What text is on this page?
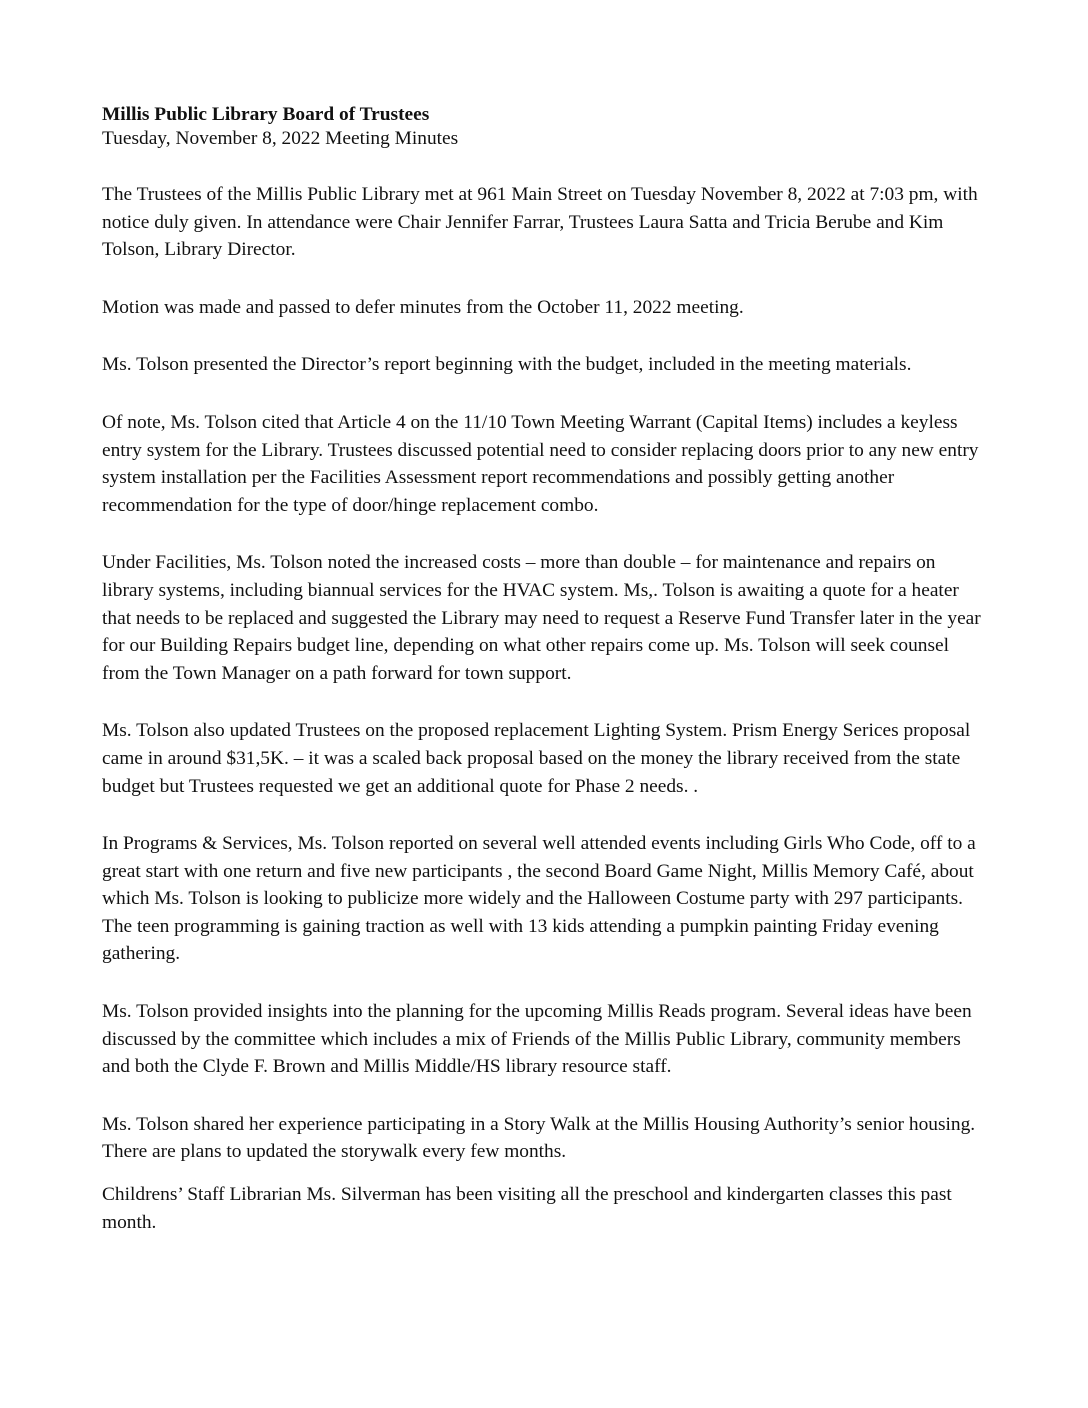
Millis Public Library Board of Trustees

Tuesday, November 8, 2022 Meeting Minutes

The Trustees of the Millis Public Library met at 961 Main Street on Tuesday November 8, 2022 at 7:03 pm, with notice duly given. In attendance were Chair Jennifer Farrar, Trustees Laura Satta and Tricia Berube and Kim Tolson, Library Director.

Motion was made and passed to defer minutes from the October 11, 2022 meeting.

Ms. Tolson presented the Director’s report beginning with the budget, included in the meeting materials.

Of note, Ms. Tolson cited that Article 4 on the 11/10 Town Meeting Warrant (Capital Items) includes a keyless entry system for the Library. Trustees discussed potential need to consider replacing doors prior to any new entry system installation per the Facilities Assessment report recommendations and possibly getting another recommendation for the type of door/hinge replacement combo.

Under Facilities, Ms. Tolson noted the increased costs – more than double – for maintenance and repairs on library systems, including biannual services for the HVAC system. Ms,. Tolson is awaiting a quote for a heater that needs to be replaced and suggested the Library may need to request a Reserve Fund Transfer later in the year for our Building Repairs budget line, depending on what other repairs come up. Ms. Tolson will seek counsel from the Town Manager on a path forward for town support.

Ms. Tolson also updated Trustees on the proposed replacement Lighting System. Prism Energy Serices proposal came in around $31,5K. – it was a scaled back proposal based on the money the library received from the state budget but Trustees requested we get an additional quote for Phase 2 needs. .

In Programs & Services, Ms. Tolson reported on several well attended events including Girls Who Code, off to a great start with one return and five new participants , the second Board Game Night, Millis Memory Café, about which Ms. Tolson is looking to publicize more widely and the Halloween Costume party with 297 participants. The teen programming is gaining traction as well with 13 kids attending a pumpkin painting Friday evening gathering.

Ms. Tolson provided insights into the planning for the upcoming Millis Reads program. Several ideas have been discussed by the committee which includes a mix of Friends of the Millis Public Library, community members and both the Clyde F. Brown and Millis Middle/HS library resource staff.

Ms. Tolson shared her experience participating in a Story Walk at the Millis Housing Authority’s senior housing. There are plans to updated the storywalk every few months.

Childrens’ Staff Librarian Ms. Silverman has been visiting all the preschool and kindergarten classes this past month.
